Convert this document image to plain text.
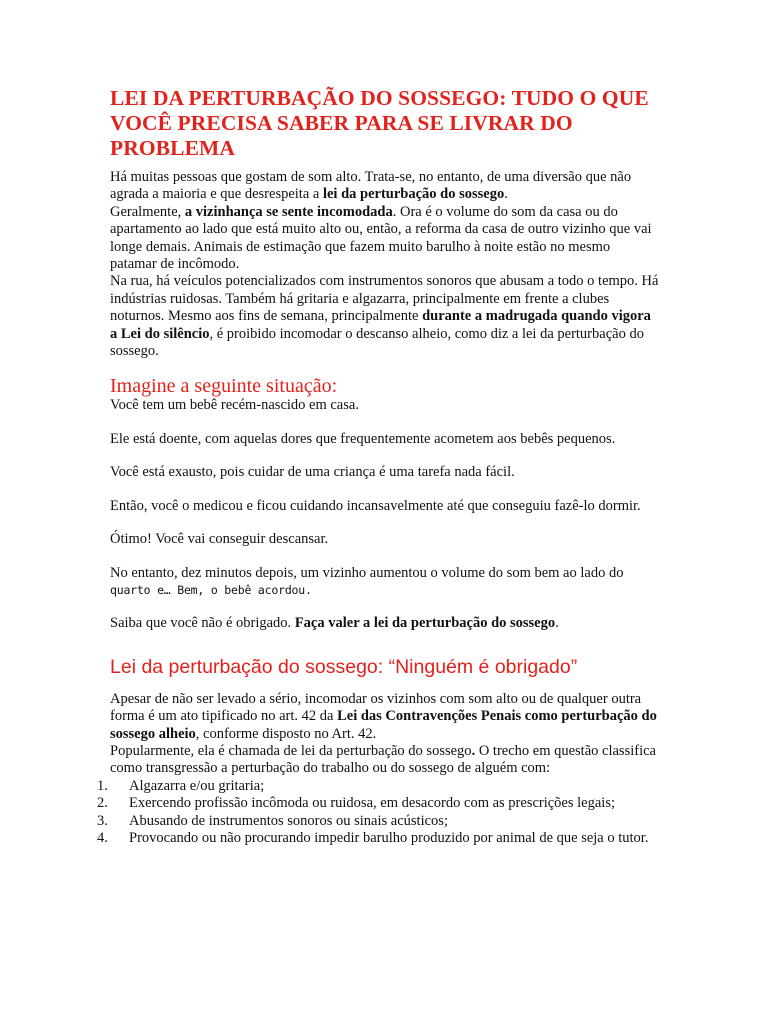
LEI DA PERTURBAÇÃO DO SOSSEGO: TUDO O QUE VOCÊ PRECISA SABER PARA SE LIVRAR DO PROBLEMA

Há muitas pessoas que gostam de som alto. Trata-se, no entanto, de uma diversão que não agrada a maioria e que desrespeita a lei da perturbação do sossego.

Geralmente, a vizinhança se sente incomodada. Ora é o volume do som da casa ou do apartamento ao lado que está muito alto ou, então, a reforma da casa de outro vizinho que vai longe demais. Animais de estimação que fazem muito barulho à noite estão no mesmo patamar de incômodo.

Na rua, há veículos potencializados com instrumentos sonoros que abusam a todo o tempo. Há indústrias ruidosas. Também há gritaria e algazarra, principalmente em frente a clubes noturnos. Mesmo aos fins de semana, principalmente durante a madrugada quando vigora a Lei do silêncio, é proibido incomodar o descanso alheio, como diz a lei da perturbação do sossego.

Imagine a seguinte situação:

Você tem um bebê recém-nascido em casa.

Ele está doente, com aquelas dores que frequentemente acometem aos bebês pequenos.

Você está exausto, pois cuidar de uma criança é uma tarefa nada fácil.

Então, você o medicou e ficou cuidando incansavelmente até que conseguiu fazê-lo dormir.

Ótimo! Você vai conseguir descansar.

No entanto, dez minutos depois, um vizinho aumentou o volume do som bem ao lado do quarto e… Bem, o bebê acordou.

Saiba que você não é obrigado. Faça valer a lei da perturbação do sossego.

Lei da perturbação do sossego: “Ninguém é obrigado”

Apesar de não ser levado a sério, incomodar os vizinhos com som alto ou de qualquer outra forma é um ato tipificado no art. 42 da Lei das Contravenções Penais como perturbação do sossego alheio, conforme disposto no Art. 42.

Popularmente, ela é chamada de lei da perturbação do sossego. O trecho em questão classifica como transgressão a perturbação do trabalho ou do sossego de alguém com:

1.	Algazarra e/ou gritaria;
2.	Exercendo profissão incômoda ou ruidosa, em desacordo com as prescrições legais;
3.	Abusando de instrumentos sonoros ou sinais acústicos;
4.	Provocando ou não procurando impedir barulho produzido por animal de que seja o tutor.
